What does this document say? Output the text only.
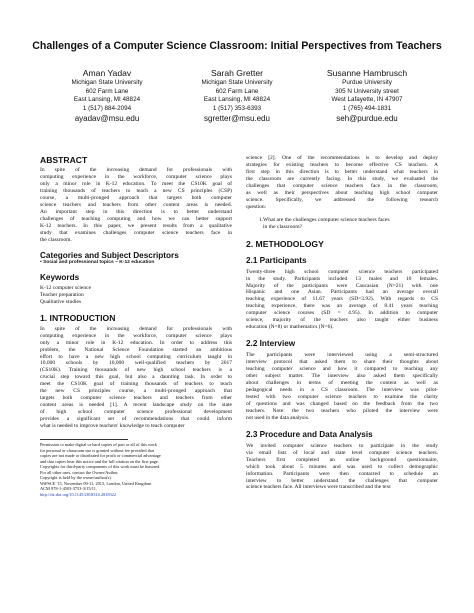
Challenges of a Computer Science Classroom: Initial Perspectives from Teachers
Aman Yadav
Michigan State University
602 Farm Lane
East Lansing, MI 48824
1 (517) 884-2094
ayadav@msu.edu
Sarah Gretter
Michigan State University
602 Farm Lane
East Lansing, MI 48824
1 (517) 353-6393
sgretter@msu.edu
Susanne Hambrusch
Purdue University
305 N University street
West Lafayette, IN 47907
1 (765) 494-1831
seh@purdue.edu
ABSTRACT
In spite of the increasing demand for professionals with
computing experience in the workforce, computer science plays
only a minor role in K-12 education. To meet the CS10K goal of
training thousands of teachers to teach a new CS principles (CSP)
course, a multi-pronged approach that targets both computer
science teachers and teachers from other content areas is needed.
An important step in this direction is to better understand
challenges of teaching computing and how we can better support
K-12 teachers. In this paper, we present results from a qualitative
study that examines challenges computer science teachers face in
the classroom.
Categories and Subject Descriptors

• Social and professional topics ~ K-12 education

Keywords
K-12 computer science
Teacher preparation
Qualitative studies
1. INTRODUCTION
In spite of the increasing demand for professionals with
computing experience in the workforce, computer science plays
only a minor role in K-12 education. In order to address this
problem, the National Science Foundation started an ambitious
effort to have a new high school computing curriculum taught in
10,000 schools by 10,000 well-qualified teachers by 2017
(CS10K). Training thousands of new high school teachers is a
crucial step toward this goal, but also a daunting task. In order to
meet the CS10K goal of training thousands of teachers to teach
the new CS principles course, a multi-pronged approach that
targets both computer science teachers and teachers from other
content areas is needed [1]. A recent landscape study on the state
of high school computer science professional development
provides a significant set of recommendations that could inform
what is needed to improve teachers' knowledge to teach computer
Permission to make digital or hard copies of part or all of this work
for personal or classroom use is granted without fee provided that
copies are not made or distributed for profit or commercial advantage
and that copies bear this notice and the full citation on the first page.
Copyrights for third-party components of this work must be honored.
For all other uses, contact the Owner/Author.
Copyright is held by the owner/author(s).
WiPSCE '15, November 09-11, 2015, London, United Kingdom
ACM 978-1-4503-3753-3/15/11.

http://dx.doi.org/10.1145/2818314.2818322

science [2]. One of the recommendations is to develop and deploy
strategies for existing teachers to become effective CS teachers. A
first step in this direction is to better understand what teachers in
the classroom are currently facing. In this study, we evaluated the
challenges that computer science teachers face in the classroom,
as well as their perspectives about teaching high school computer
science. Specifically, we addressed the following research
question:
1. What are the challenges computer science teachers faces
in the classroom?
2. METHODOLOGY
2.1 Participants
Twenty-three high school computer science teachers participated
in the study. Participants included 13 males and 10 females.
Majority of the participants were Caucasian (N=21) with one
Hispanic and one Asian. Participants had an average overall
teaching experience of 11.67 years (SD=3.92). With regards to CS
teaching experience, there was an average of 8.41 years teaching
computer science courses (SD = 4.95). In addition to computer
science, majority of the teachers also taught either business
education (N=8) or mathematics (N=6).
2.2 Interview
The participants were interviewed using a semi-structured
interview protocol that asked them to share their thoughts about
teaching computer science and how it compared to teaching any
other subject matter. The interview also asked them specifically
about challenges in terms of meeting the content as well as
pedagogical needs in a CS classroom. The interview was pilot-
tested with two computer science teachers to examine the clarity
of questions and was changed based on the feedback from the two
teachers. Note: the two teachers who piloted the interview were
not used in the data analysis.
2.3 Procedure and Data Analysis
We invited computer science teachers to participate in the study
via email lists of local and state level computer science teachers.
Teachers first completed an online background questionnaire,
which took about 5 minutes and was used to collect demographic
information. Participants were then contacted to schedule an
interview to better understand the challenges that computer
science teachers face. All interviews were transcribed and the text
